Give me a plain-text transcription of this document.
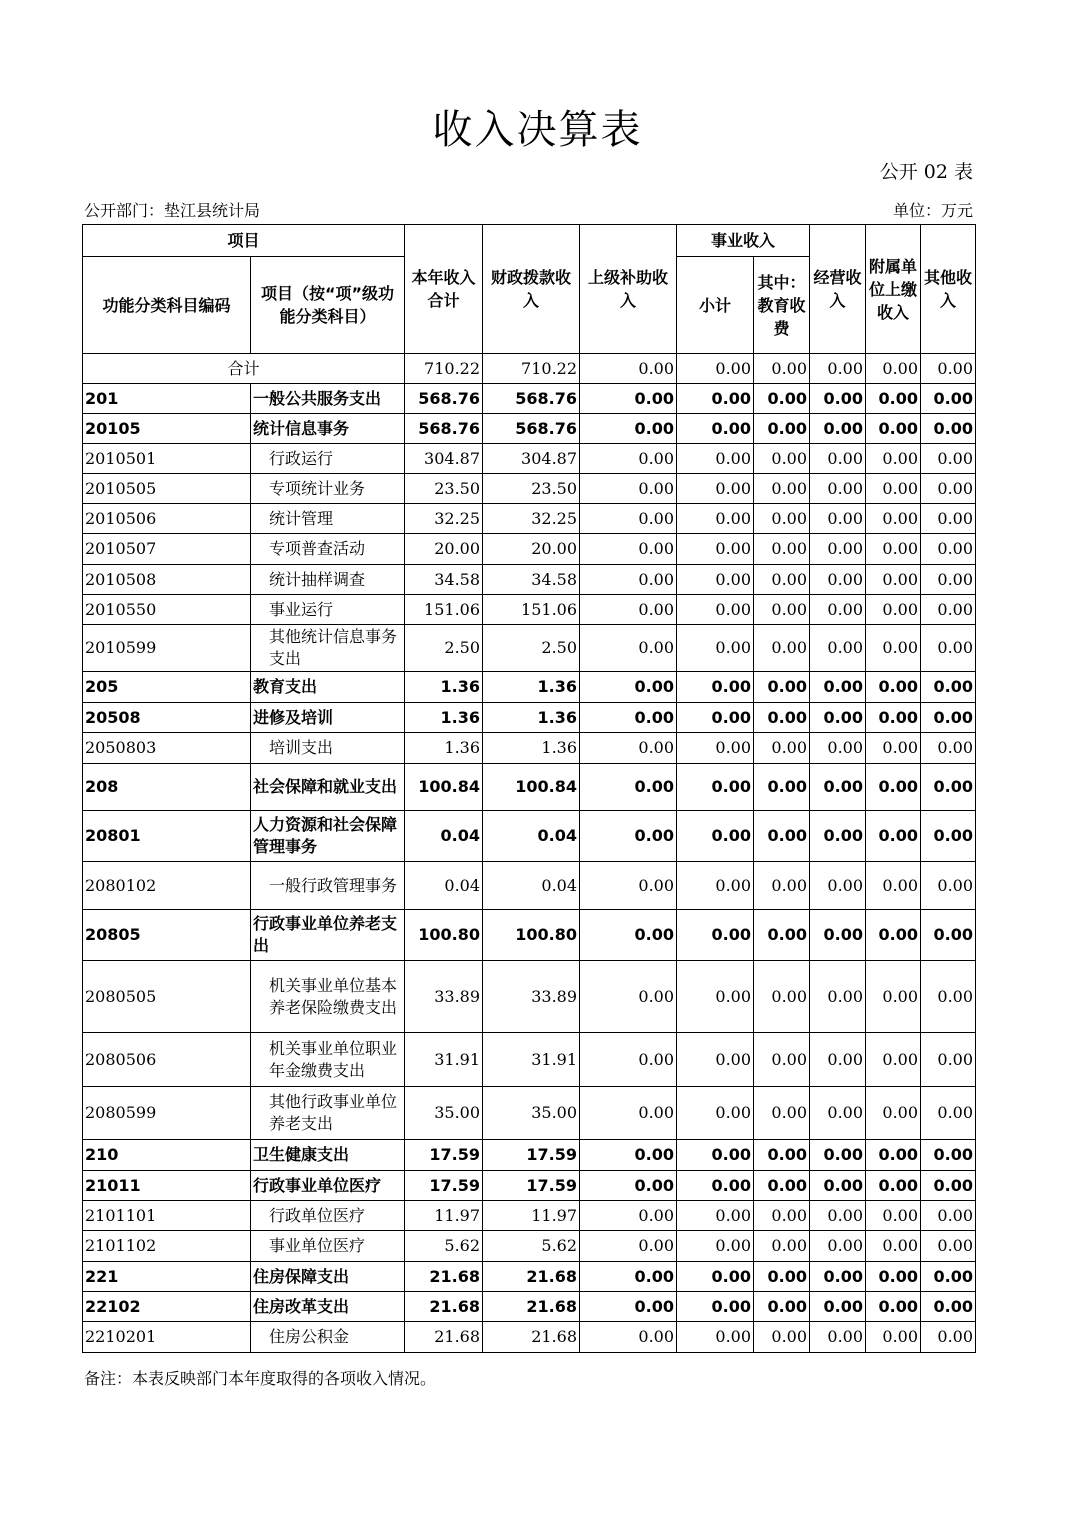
收入决算表
公开 02 表
公开部门：垫江县统计局	单位：万元
项目		本年收入合计	财政拨款收入	上级补助收入	事业收入		经营收入	附属单位上缴收入	其他收入
功能分类科目编码	项目（按“项”级功能分类科目）				小计	其中：教育收费			
合计		710.22	710.22	0.00	0.00	0.00	0.00	0.00	0.00
201	一般公共服务支出	568.76	568.76	0.00	0.00	0.00	0.00	0.00	0.00
20105	统计信息事务	568.76	568.76	0.00	0.00	0.00	0.00	0.00	0.00
2010501	行政运行	304.87	304.87	0.00	0.00	0.00	0.00	0.00	0.00
2010505	专项统计业务	23.50	23.50	0.00	0.00	0.00	0.00	0.00	0.00
2010506	统计管理	32.25	32.25	0.00	0.00	0.00	0.00	0.00	0.00
2010507	专项普查活动	20.00	20.00	0.00	0.00	0.00	0.00	0.00	0.00
2010508	统计抽样调查	34.58	34.58	0.00	0.00	0.00	0.00	0.00	0.00
2010550	事业运行	151.06	151.06	0.00	0.00	0.00	0.00	0.00	0.00
2010599	其他统计信息事务支出	2.50	2.50	0.00	0.00	0.00	0.00	0.00	0.00
205	教育支出	1.36	1.36	0.00	0.00	0.00	0.00	0.00	0.00
20508	进修及培训	1.36	1.36	0.00	0.00	0.00	0.00	0.00	0.00
2050803	培训支出	1.36	1.36	0.00	0.00	0.00	0.00	0.00	0.00
208	社会保障和就业支出	100.84	100.84	0.00	0.00	0.00	0.00	0.00	0.00
20801	人力资源和社会保障管理事务	0.04	0.04	0.00	0.00	0.00	0.00	0.00	0.00
2080102	一般行政管理事务	0.04	0.04	0.00	0.00	0.00	0.00	0.00	0.00
20805	行政事业单位养老支出	100.80	100.80	0.00	0.00	0.00	0.00	0.00	0.00
2080505	机关事业单位基本养老保险缴费支出	33.89	33.89	0.00	0.00	0.00	0.00	0.00	0.00
2080506	机关事业单位职业年金缴费支出	31.91	31.91	0.00	0.00	0.00	0.00	0.00	0.00
2080599	其他行政事业单位养老支出	35.00	35.00	0.00	0.00	0.00	0.00	0.00	0.00
210	卫生健康支出	17.59	17.59	0.00	0.00	0.00	0.00	0.00	0.00
21011	行政事业单位医疗	17.59	17.59	0.00	0.00	0.00	0.00	0.00	0.00
2101101	行政单位医疗	11.97	11.97	0.00	0.00	0.00	0.00	0.00	0.00
2101102	事业单位医疗	5.62	5.62	0.00	0.00	0.00	0.00	0.00	0.00
221	住房保障支出	21.68	21.68	0.00	0.00	0.00	0.00	0.00	0.00
22102	住房改革支出	21.68	21.68	0.00	0.00	0.00	0.00	0.00	0.00
2210201	住房公积金	21.68	21.68	0.00	0.00	0.00	0.00	0.00	0.00
备注：本表反映部门本年度取得的各项收入情况。
